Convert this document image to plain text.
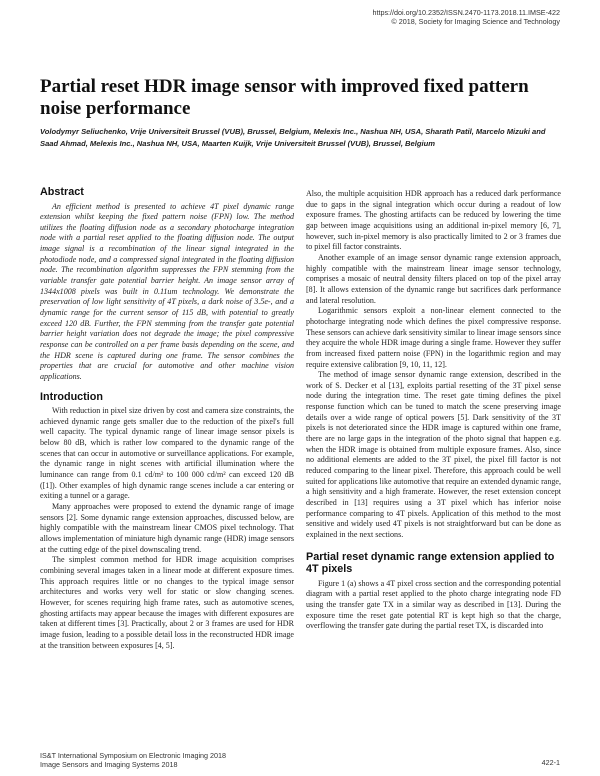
https://doi.org/10.2352/ISSN.2470-1173.2018.11.IMSE-422
© 2018, Society for Imaging Science and Technology
Partial reset HDR image sensor with improved fixed pattern noise performance
Volodymyr Seliuchenko, Vrije Universiteit Brussel (VUB), Brussel, Belgium, Melexis Inc., Nashua NH, USA, Sharath Patil, Marcelo Mizuki and Saad Ahmad, Melexis Inc., Nashua NH, USA, Maarten Kuijk, Vrije Universiteit Brussel (VUB), Brussel, Belgium
Abstract

An efficient method is presented to achieve 4T pixel dynamic range extension whilst keeping the fixed pattern noise (FPN) low. The method utilizes the floating diffusion node as a secondary photocharge integration node with a partial reset applied to the floating diffusion node. The output image signal is a recombination of the linear signal integrated in the photodiode node, and a compressed signal integrated in the floating diffusion node. The recombination algorithm suppresses the FPN stemming from the variable transfer gate potential barrier height. An image sensor array of 1344x1008 pixels was built in 0.11um technology. We demonstrate the preservation of low light sensitivity of 4T pixels, a dark noise of 3.5e-, and a dynamic range for the current sensor of 115 dB, with potential to greatly exceed 120 dB. Further, the FPN stemming from the transfer gate potential barrier height variation does not degrade the image; the pixel compressive response can be controlled on a per frame basis depending on the scene, and the HDR scene is captured during one frame. The sensor combines the properties that are crucial for automotive and other machine vision applications.

Introduction

With reduction in pixel size driven by cost and camera size constraints, the achieved dynamic range gets smaller due to the reduction of the pixel's full well capacity. The typical dynamic range of linear image sensor pixels is below 80 dB, which is rather low compared to the dynamic range of the scenes that can occur in automotive or surveillance applications. For example, the dynamic range in night scenes with artificial illumination where the luminance can range from 0.1 cd/m² to 100 000 cd/m² can exceed 120 dB ([1]). Other examples of high dynamic range scenes include a car entering or exiting a tunnel or a garage.

Many approaches were proposed to extend the dynamic range of image sensors [2]. Some dynamic range extension approaches, discussed below, are highly compatible with the mainstream linear CMOS pixel technology. That allows implementation of miniature high dynamic range (HDR) image sensors at the cutting edge of the pixel downscaling trend.

The simplest common method for HDR image acquisition comprises combining several images taken in a linear mode at different exposure times. This approach requires little or no changes to the typical image sensor architectures and works very well for static or slow changing scenes. However, for scenes requiring high frame rates, such as automotive scenes, ghosting artifacts may appear because the images with different exposures are taken at different times [3]. Practically, about 2 or 3 frames are used for HDR image fusion, leading to a possible detail loss in the reconstructed HDR image at the transition between exposures [4, 5].

Also, the multiple acquisition HDR approach has a reduced dark performance due to gaps in the signal integration which occur during a readout of low exposure frames. The ghosting artifacts can be reduced by lowering the time gap between image acquisitions using an additional in-pixel memory [6, 7], however, such in-pixel memory is also practically limited to 2 or 3 frames due to pixel fill factor constraints.

Another example of an image sensor dynamic range extension approach, highly compatible with the mainstream linear image sensor technology, comprises a mosaic of neutral density filters placed on top of the pixel array [8]. It allows extension of the dynamic range but sacrifices dark performance and lateral resolution.

Logarithmic sensors exploit a non-linear element connected to the photocharge integrating node which defines the pixel compressive response. These sensors can achieve dark sensitivity similar to linear image sensors since they acquire the whole HDR image during a single frame. However they suffer from increased fixed pattern noise (FPN) in the logarithmic region and may require extensive calibration [9, 10, 11, 12].

The method of image sensor dynamic range extension, described in the work of S. Decker et al [13], exploits partial resetting of the 3T pixel sense node during the integration time. The reset gate timing defines the pixel response function which can be tuned to match the scene preserving image details over a wide range of optical powers [5]. Dark sensitivity of the 3T pixels is not deteriorated since the HDR image is captured within one frame, there are no large gaps in the integration of the photo signal that happen e.g. when the HDR image is obtained from multiple exposure frames. Also, since no additional elements are added to the 3T pixel, the pixel fill factor is not reduced comparing to the linear pixel. Therefore, this approach could be well suited for applications like automotive that require an extended dynamic range, a high sensitivity and a high framerate. However, the reset extension concept described in [13] requires using a 3T pixel which has inferior noise performance comparing to 4T pixels. Application of this method to the most sensitive and widely used 4T pixels is not straightforward but can be done as explained in the next sections.

Partial reset dynamic range extension applied to 4T pixels

Figure 1 (a) shows a 4T pixel cross section and the corresponding potential diagram with a partial reset applied to the photo charge integrating node FD using the transfer gate TX in a similar way as described in [13]. During the exposure time the reset gate potential RT is kept high so that the charge, overflowing the transfer gate during the partial reset TX, is discarded into

IS&T International Symposium on Electronic Imaging 2018
Image Sensors and Imaging Systems 2018	422-1
